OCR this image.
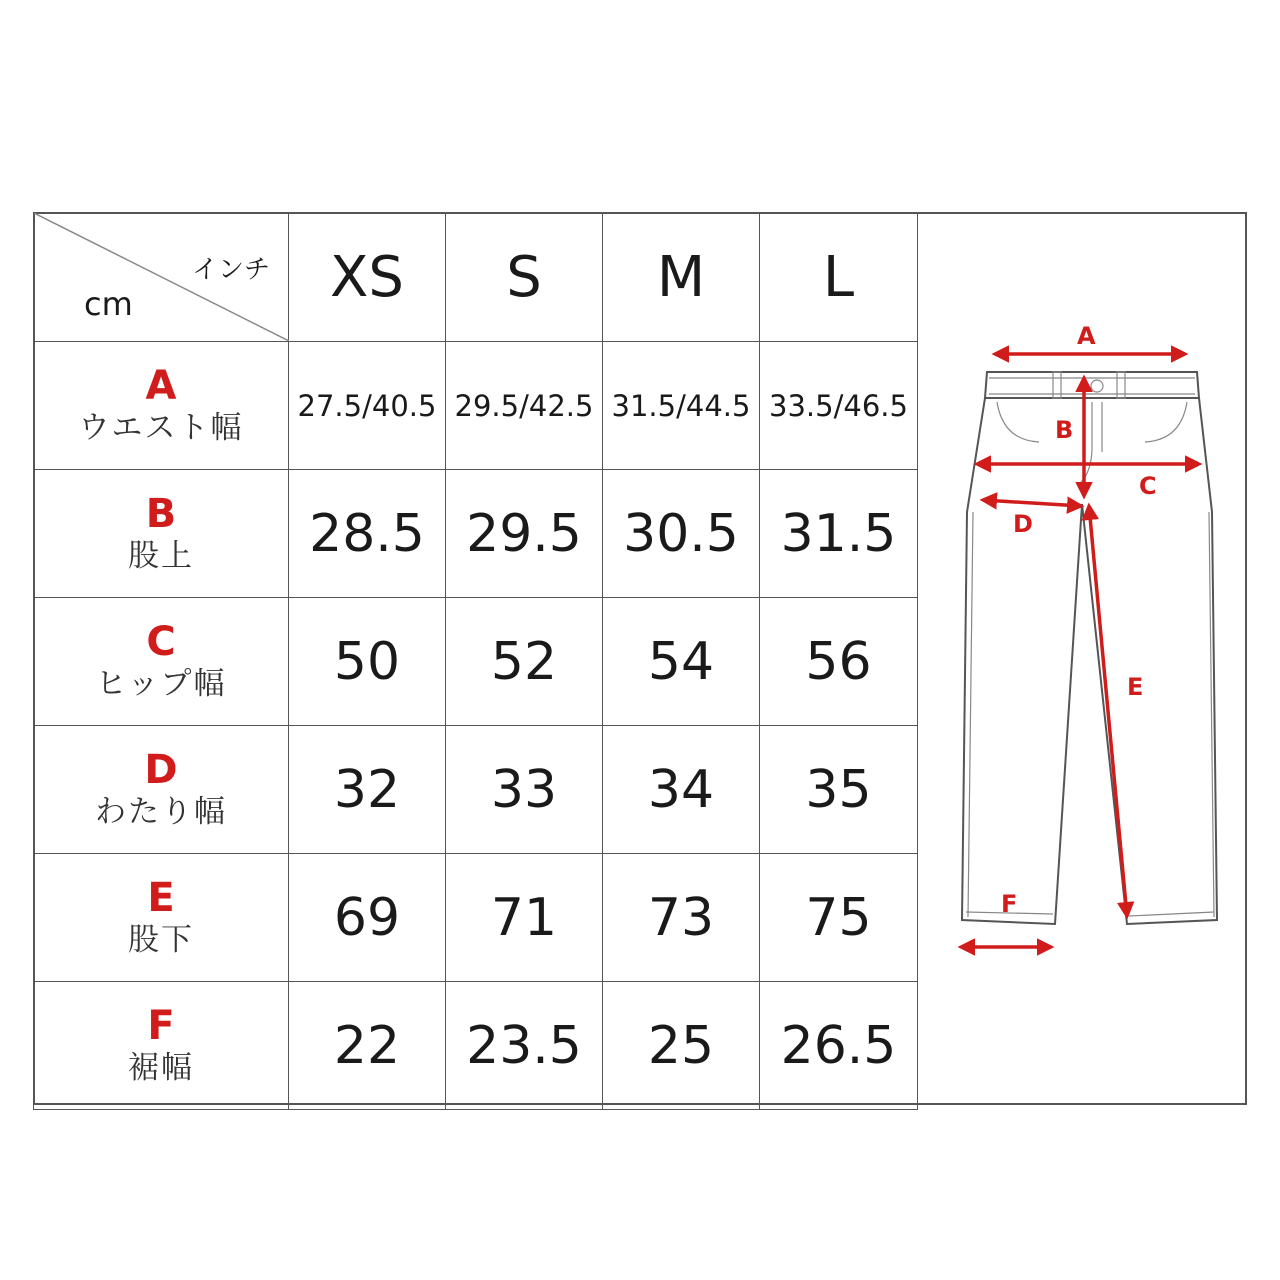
インチ
cm	XS	S	M	L

A
ウエスト幅	27.5/40.5	29.5/42.5	31.5/44.5	33.5/46.5

B
股上	28.5	29.5	30.5	31.5

C
ヒップ幅	50	52	54	56

D
わたり幅	32	33	34	35

E
股下	69	71	73	75

F
裾幅	22	23.5	25	26.5
A
B
C
D
E
F
